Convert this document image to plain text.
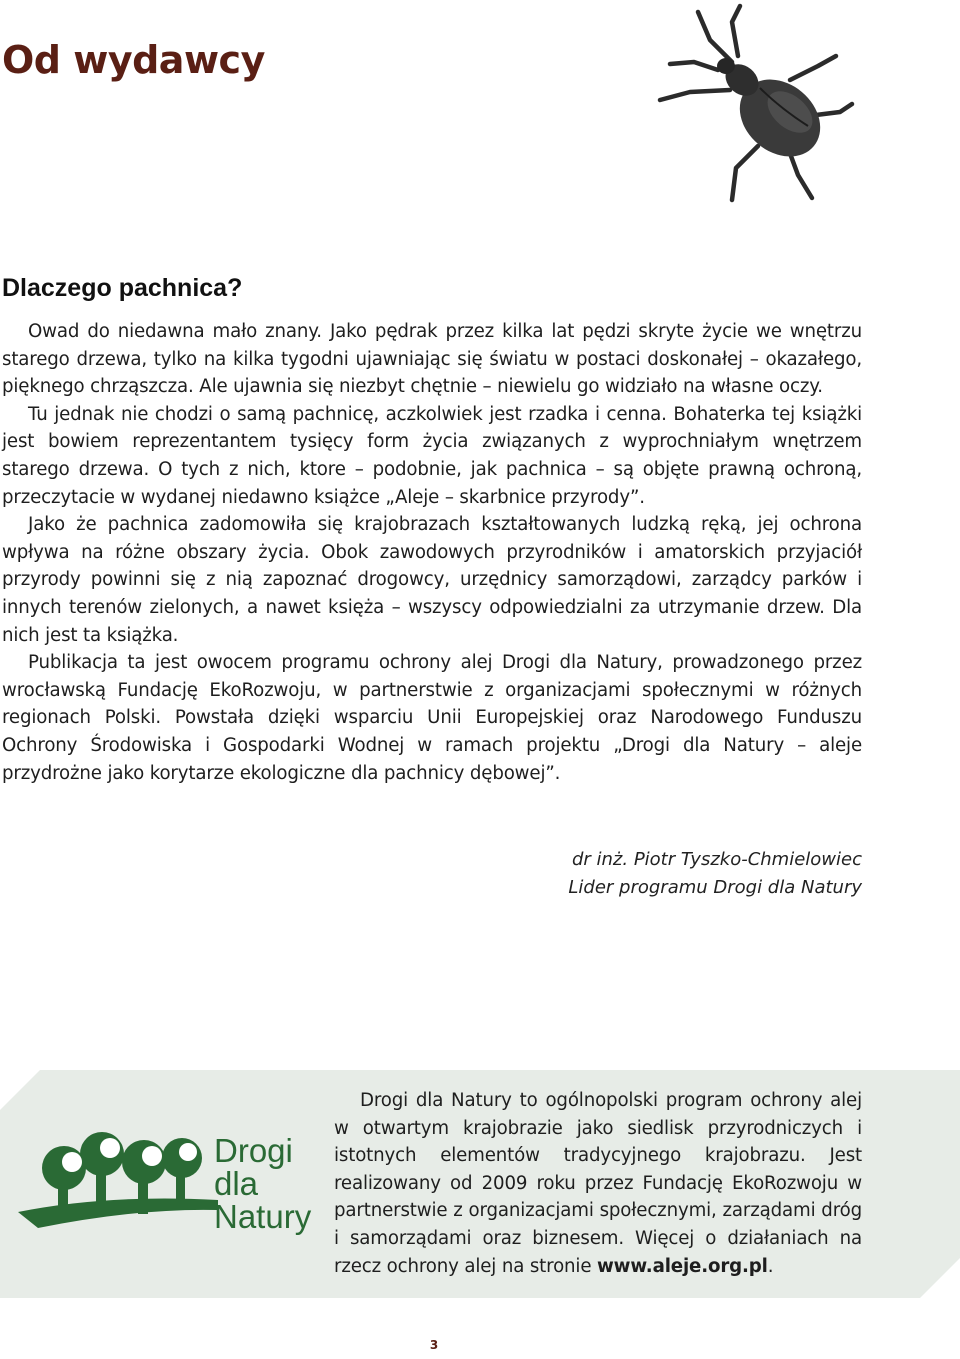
Od wydawcy
Dlaczego pachnica?

Owad do niedawna mało znany. Jako pędrak przez kilka lat pędzi skryte życie we wnętrzu starego drzewa, tylko na kilka tygodni ujawniając się światu w postaci doskonałej – okazałego, pięknego chrząszcza. Ale ujawnia się niezbyt chętnie – niewielu go widziało na własne oczy.

Tu jednak nie chodzi o samą pachnicę, aczkolwiek jest rzadka i cenna. Bohaterka tej książki jest bowiem reprezentantem tysięcy form życia związanych z wyprochniałym wnętrzem starego drzewa. O tych z nich, ktore – podobnie, jak pachnica – są objęte prawną ochroną, przeczytacie w wydanej niedawno książce „Aleje – skarbnice przyrody”.

Jako że pachnica zadomowiła się krajobrazach kształtowanych ludzką ręką, jej ochrona wpływa na różne obszary życia. Obok zawodowych przyrodników i amatorskich przyjaciół przyrody powinni się z nią zapoznać drogowcy, urzędnicy samorządowi, zarządcy parków i innych terenów zielonych, a nawet księża – wszyscy odpowiedzialni za utrzymanie drzew. Dla nich jest ta książka.

Publikacja ta jest owocem programu ochrony alej Drogi dla Natury, prowadzonego przez wrocławską Fundację EkoRozwoju, w partnerstwie z organizacjami społecznymi w różnych regionach Polski. Powstała dzięki wsparciu Unii Europejskiej oraz Narodowego Funduszu Ochrony Środowiska i Gospodarki Wodnej w ramach projektu „Drogi dla Natury – aleje przydrożne jako korytarze ekologiczne dla pachnicy dębowej”.

dr inż. Piotr Tyszko-Chmielowiec
Lider programu Drogi dla Natury
Drogi
dla
Natury
Drogi dla Natury to ogólnopolski program ochrony alej w otwartym krajobrazie jako siedlisk przyrodniczych i istotnych elementów tradycyjnego krajobrazu. Jest realizowany od 2009 roku przez Fundację EkoRozwoju w partnerstwie z organizacjami społecznymi, zarządami dróg i samorządami oraz biznesem. Więcej o działaniach na rzecz ochrony alej na stronie www.aleje.org.pl.
3
